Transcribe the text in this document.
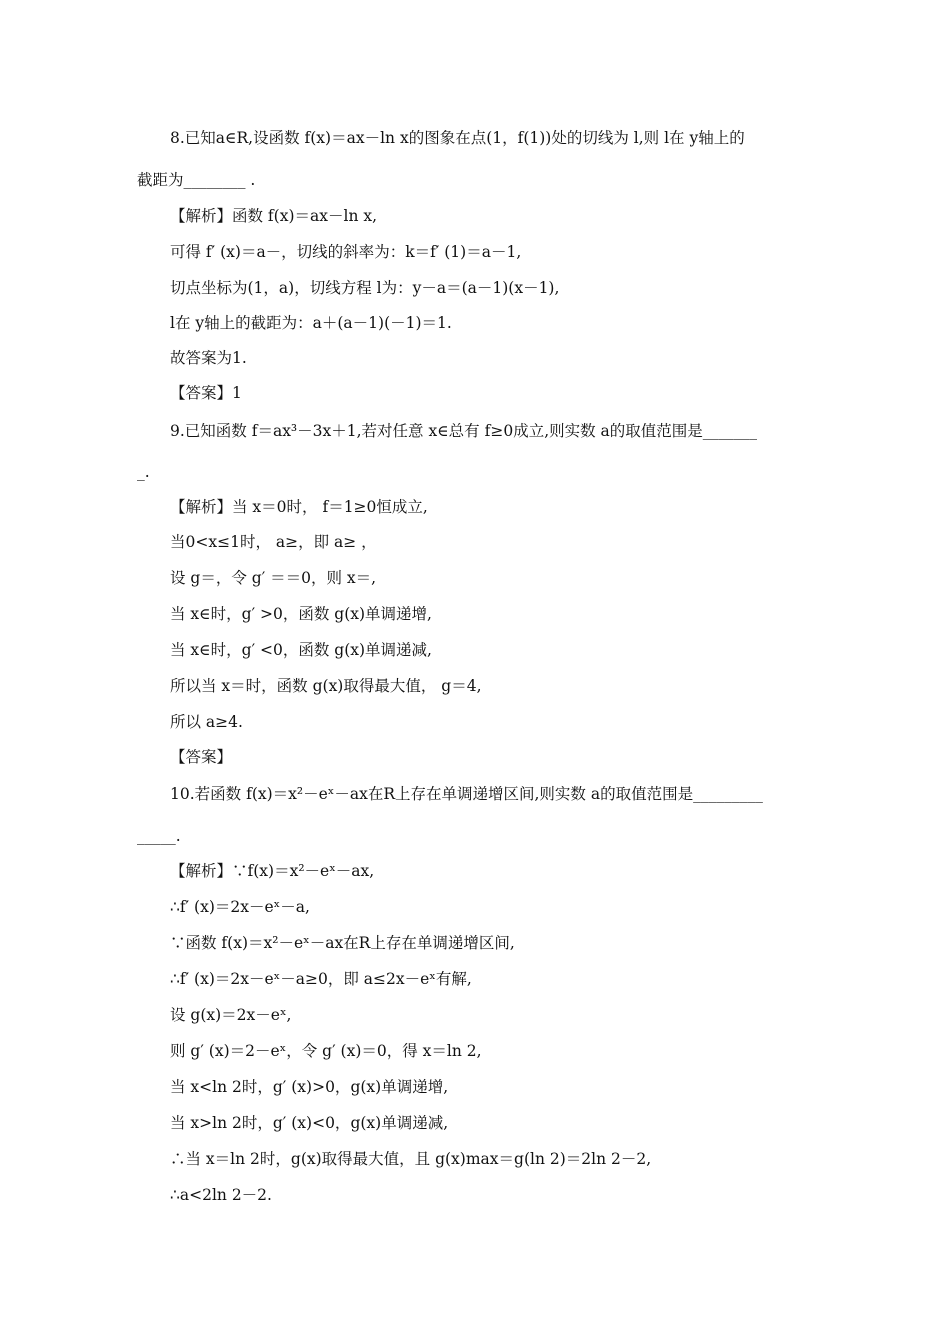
8.已知a∈R,设函数 f(x)＝ax－ln x的图象在点(1，f(1))处的切线为 l,则 l在 y轴上的
截距为________ .
【解析】函数 f(x)＝ax－ln x,
可得 f′ (x)＝a－，切线的斜率为：k＝f′ (1)＝a－1,
切点坐标为(1，a)，切线方程 l为：y－a＝(a－1)(x－1),
l在 y轴上的截距为：a＋(a－1)(－1)＝1.
故答案为1.
【答案】1
9.已知函数 f＝ax³－3x＋1,若对任意 x∈总有 f≥0成立,则实数 a的取值范围是_______
_.
【解析】当 x＝0时， f＝1≥0恒成立,
当0<x≤1时， a≥，即 a≥ ，
设 g＝，令 g′ ＝＝0，则 x＝,
当 x∈时，g′ >0，函数 g(x)单调递增,
当 x∈时，g′ <0，函数 g(x)单调递减,
所以当 x＝时，函数 g(x)取得最大值， g＝4,
所以 a≥4.
【答案】
10.若函数 f(x)＝x²－eˣ－ax在R上存在单调递增区间,则实数 a的取值范围是_________
_____.
【解析】∵f(x)＝x²－eˣ－ax,
∴f′ (x)＝2x－eˣ－a,
∵函数 f(x)＝x²－eˣ－ax在R上存在单调递增区间,
∴f′ (x)＝2x－eˣ－a≥0，即 a≤2x－eˣ有解,
设 g(x)＝2x－eˣ,
则 g′ (x)＝2－eˣ，令 g′ (x)＝0，得 x＝ln 2,
当 x<ln 2时，g′ (x)>0，g(x)单调递增,
当 x>ln 2时，g′ (x)<0，g(x)单调递减,
∴当 x＝ln 2时，g(x)取得最大值，且 g(x)max＝g(ln 2)＝2ln 2－2,
∴a<2ln 2－2.
